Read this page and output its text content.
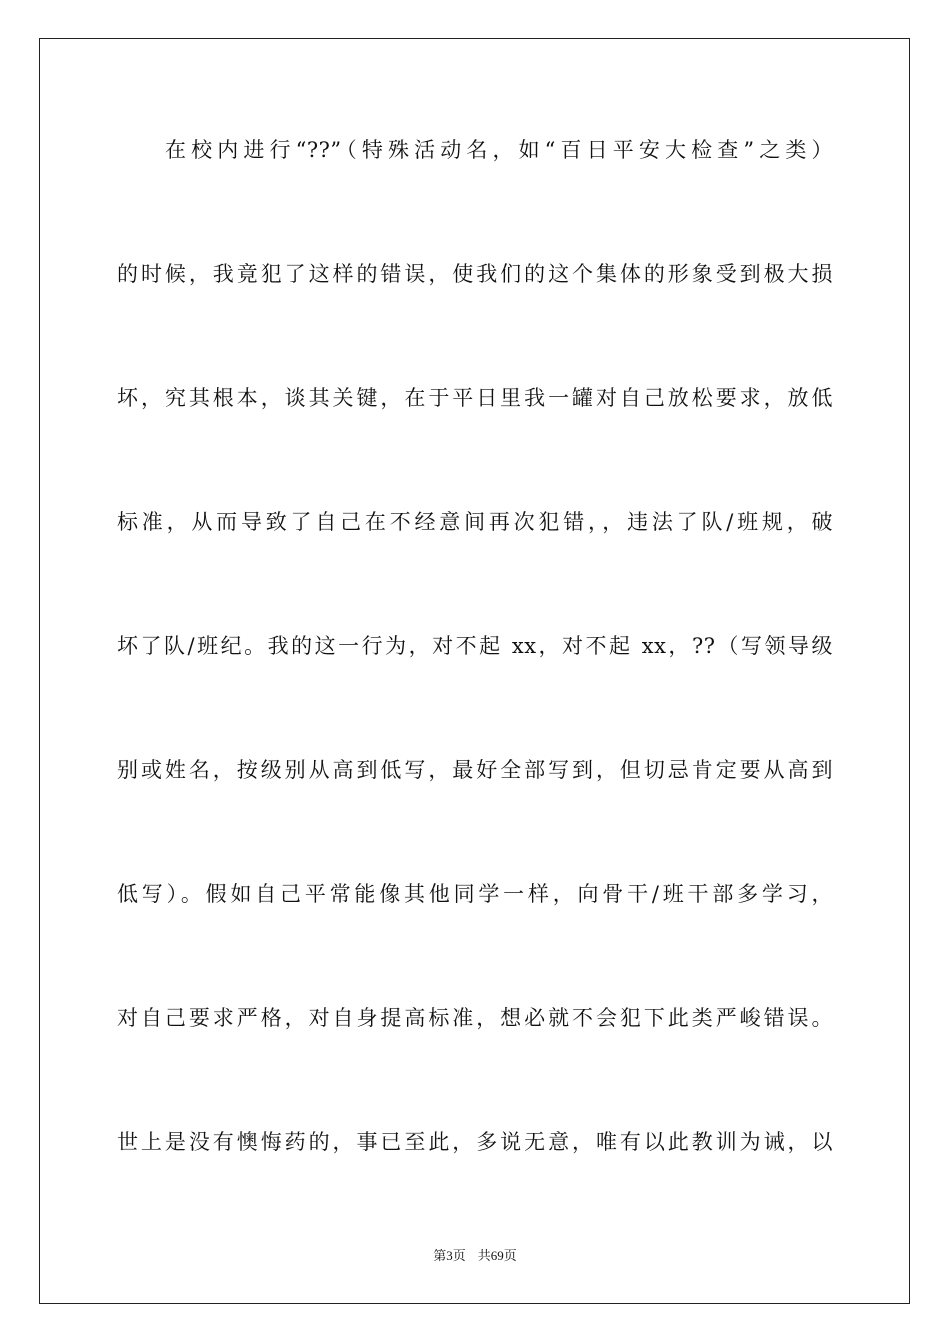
在校内进行“??”（特殊活动名，如“百日平安大检查”之类）

的时候，我竟犯了这样的错误，使我们的这个集体的形象受到极大损

坏，究其根本，谈其关键，在于平日里我一罐对自己放松要求，放低

标准，从而导致了自己在不经意间再次犯错，，违法了队/班规，破

坏了队/班纪。我的这一行为，对不起 xx，对不起 xx，??（写领导级

别或姓名，按级别从高到低写，最好全部写到，但切忌肯定要从高到

低写）。假如自己平常能像其他同学一样，向骨干/班干部多学习，

对自己要求严格，对自身提高标准，想必就不会犯下此类严峻错误。

世上是没有懊悔药的，事已至此，多说无意，唯有以此教训为诫，以

第3页 共69页
